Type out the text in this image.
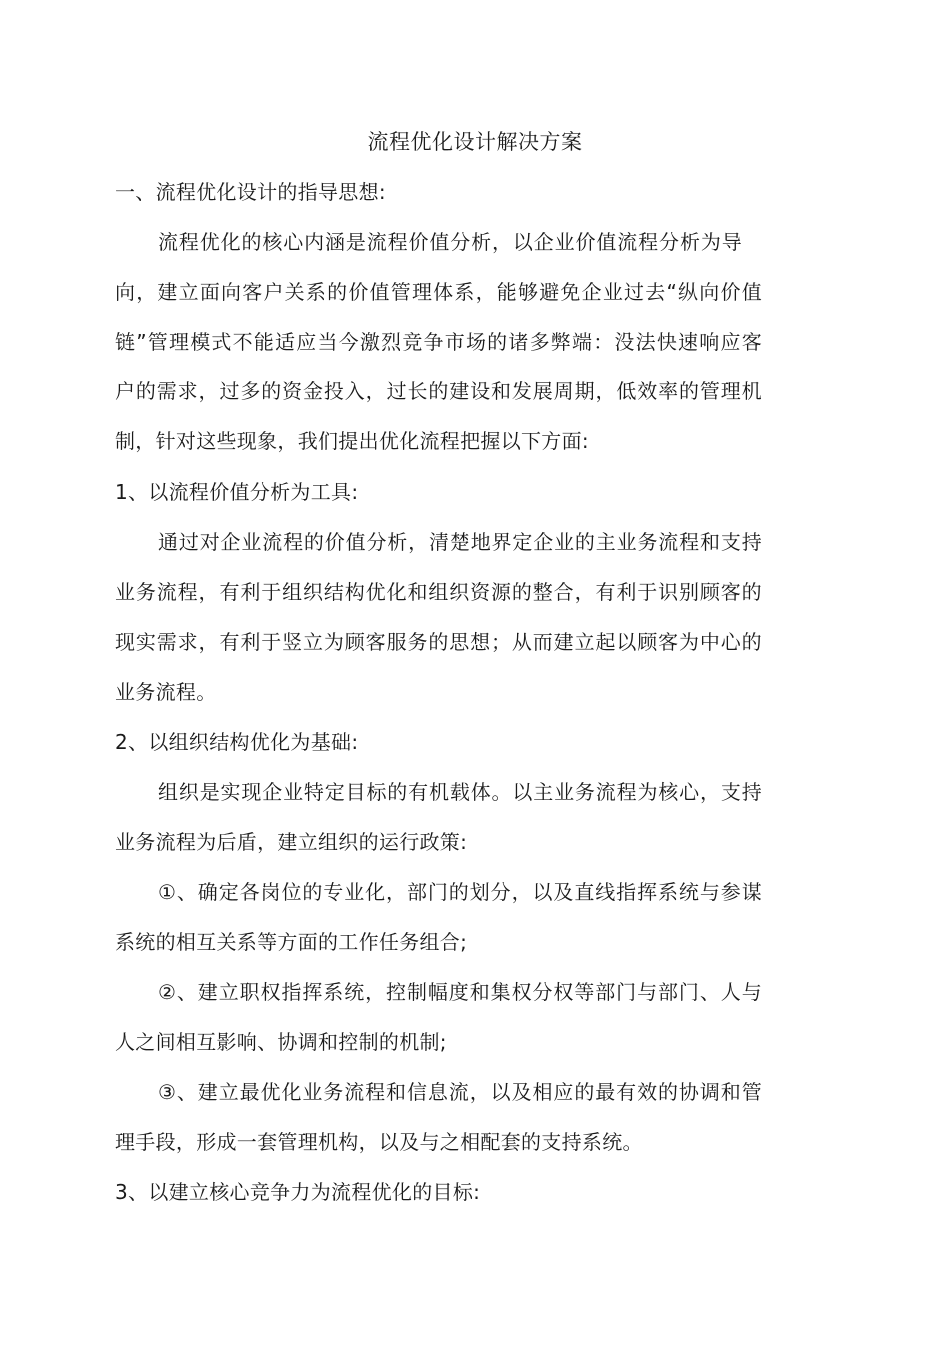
流程优化设计解决方案
一、流程优化设计的指导思想:
流程优化的核心内涵是流程价值分析，以企业价值流程分析为导
向，建立面向客户关系的价值管理体系，能够避免企业过去“纵向价值
链”管理模式不能适应当今激烈竞争市场的诸多弊端：没法快速响应客
户的需求，过多的资金投入，过长的建设和发展周期，低效率的管理机
制，针对这些现象，我们提出优化流程把握以下方面:
1、以流程价值分析为工具:
通过对企业流程的价值分析，清楚地界定企业的主业务流程和支持
业务流程，有利于组织结构优化和组织资源的整合，有利于识别顾客的
现实需求，有利于竖立为顾客服务的思想；从而建立起以顾客为中心的
业务流程。
2、以组织结构优化为基础:
组织是实现企业特定目标的有机载体。以主业务流程为核心，支持
业务流程为后盾，建立组织的运行政策:
①、确定各岗位的专业化，部门的划分，以及直线指挥系统与参谋
系统的相互关系等方面的工作任务组合;
②、建立职权指挥系统，控制幅度和集权分权等部门与部门、人与
人之间相互影响、协调和控制的机制;
③、建立最优化业务流程和信息流，以及相应的最有效的协调和管
理手段，形成一套管理机构，以及与之相配套的支持系统。
3、以建立核心竞争力为流程优化的目标:
